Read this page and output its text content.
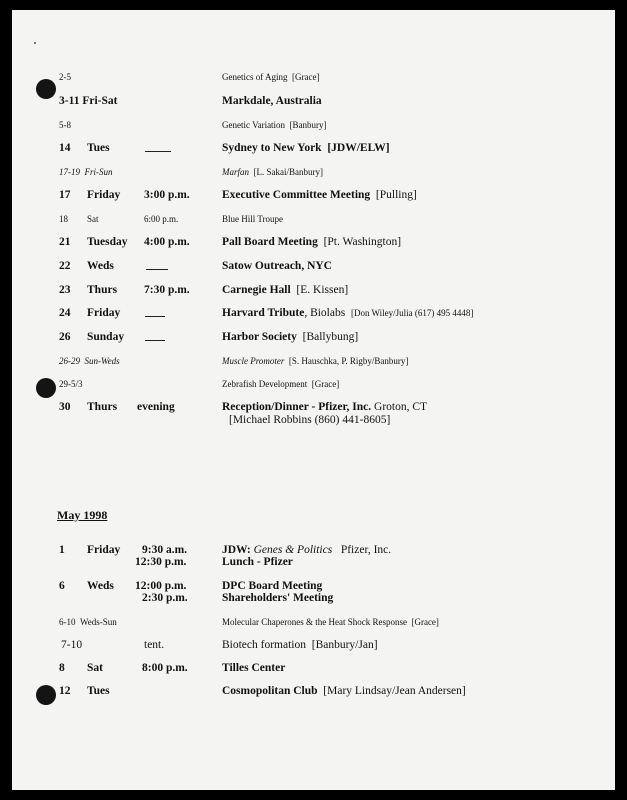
2-5	Genetics of Aging [Grace]
3-11 Fri-Sat	Markdale, Australia
5-8	Genetic Variation [Banbury]
14 Tues	Sydney to New York [JDW/ELW]
17-19 Fri-Sun	Marfan [L. Sakai/Banbury]
17 Friday 3:00 p.m.	Executive Committee Meeting [Pulling]
18 Sat	6:00 p.m.	Blue Hill Troupe
21 Tuesday 4:00 p.m.	Pall Board Meeting [Pt. Washington]
22 Weds	Satow Outreach, NYC
23 Thurs 7:30 p.m.	Carnegie Hall [E. Kissen]
24 Friday	Harvard Tribute, Biolabs [Don Wiley/Julia (617) 495 4448]
26 Sunday	Harbor Society [Ballybung]
26-29 Sun-Weds	Muscle Promoter [S. Hauschka, P. Rigby/Banbury]
29-5/3	Zebrafish Development [Grace]
30 Thurs evening	Reception/Dinner - Pfizer, Inc. Groton, CT
[Michael Robbins (860) 441-8605]
May 1998
1 Friday 9:30 a.m.	JDW: Genes & Politics Pfizer, Inc.
12:30 p.m.	Lunch - Pfizer
6 Weds 12:00 p.m.	DPC Board Meeting
2:30 p.m.	Shareholders' Meeting
6-10 Weds-Sun	Molecular Chaperones & the Heat Shock Response [Grace]
7-10	tent.	Biotech formation [Banbury/Jan]
8 Sat	8:00 p.m.	Tilles Center
12 Tues	Cosmopolitan Club [Mary Lindsay/Jean Andersen]
